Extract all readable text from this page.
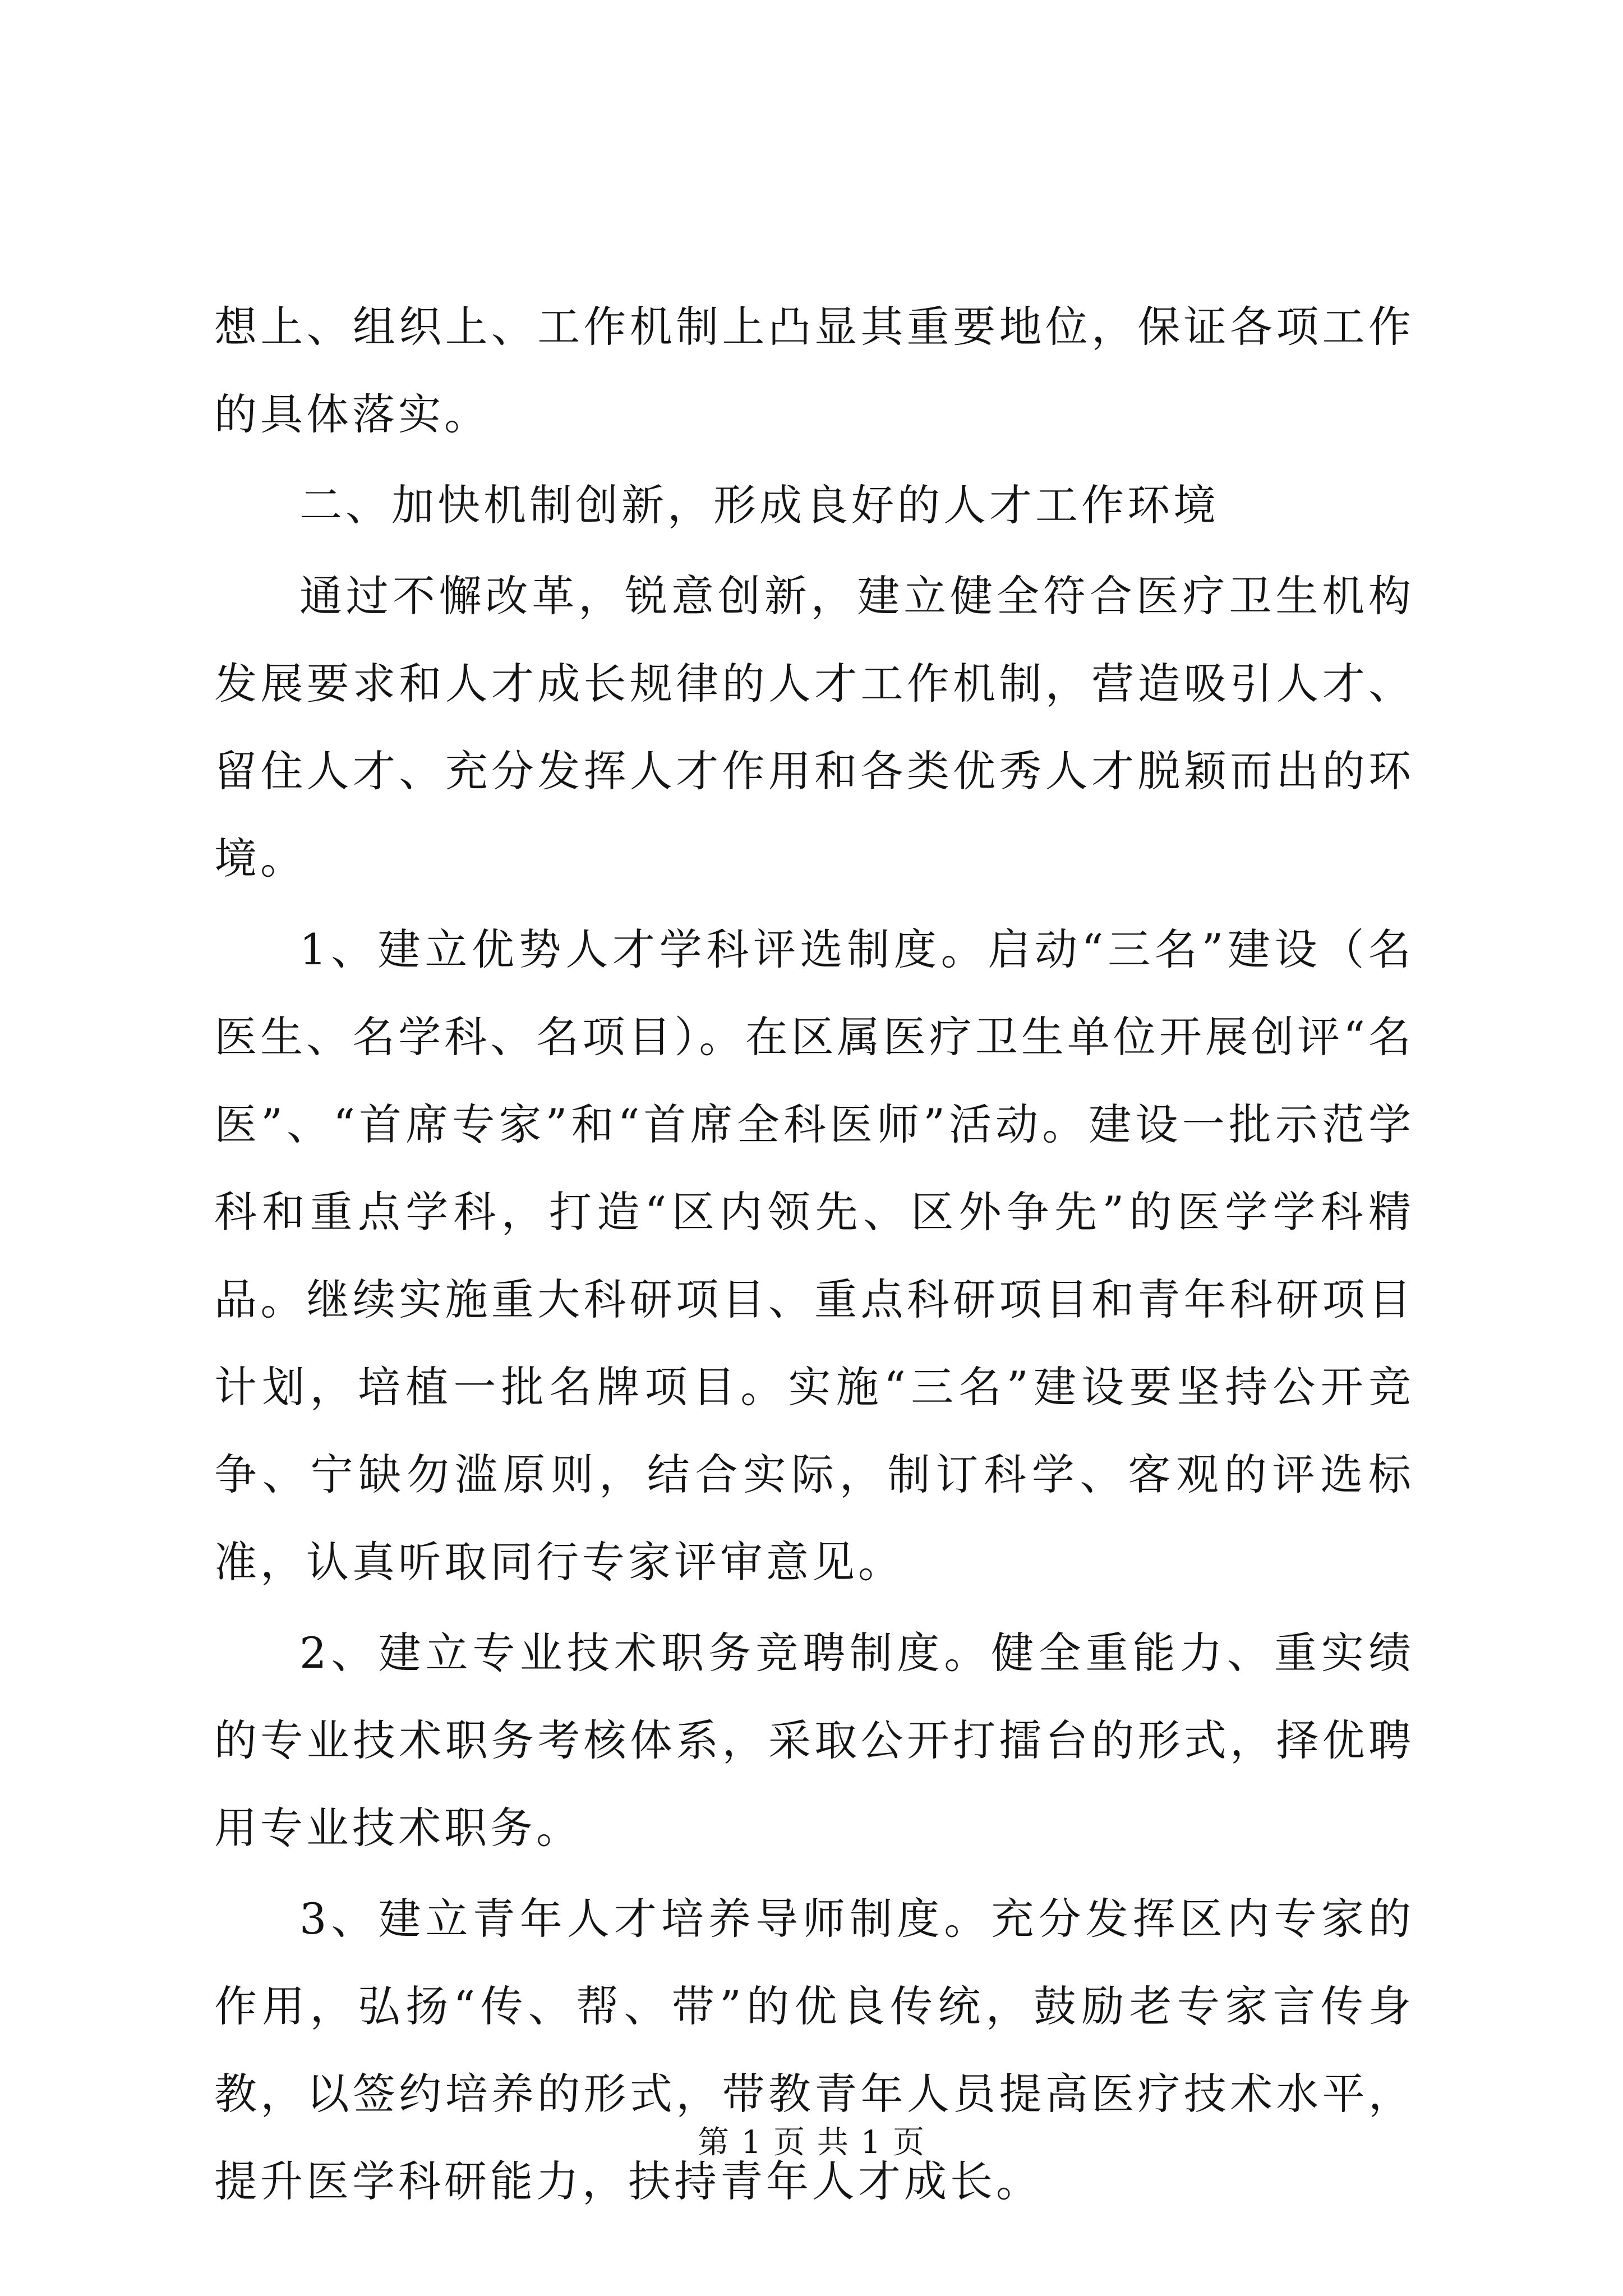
想上、组织上、工作机制上凸显其重要地位，保证各项工作的具体落实。

二、加快机制创新，形成良好的人才工作环境

通过不懈改革，锐意创新，建立健全符合医疗卫生机构发展要求和人才成长规律的人才工作机制，营造吸引人才、留住人才、充分发挥人才作用和各类优秀人才脱颖而出的环境。

1、建立优势人才学科评选制度。启动“三名”建设（名医生、名学科、名项目）。在区属医疗卫生单位开展创评“名医”、“首席专家”和“首席全科医师”活动。建设一批示范学科和重点学科，打造“区内领先、区外争先”的医学学科精品。继续实施重大科研项目、重点科研项目和青年科研项目计划，培植一批名牌项目。实施“三名”建设要坚持公开竞争、宁缺勿滥原则，结合实际，制订科学、客观的评选标准，认真听取同行专家评审意见。

2、建立专业技术职务竞聘制度。健全重能力、重实绩的专业技术职务考核体系，采取公开打擂台的形式，择优聘用专业技术职务。

3、建立青年人才培养导师制度。充分发挥区内专家的作用，弘扬“传、帮、带”的优良传统，鼓励老专家言传身教，以签约培养的形式，带教青年人员提高医疗技术水平，提升医学科研能力，扶持青年人才成长。

第 1 页 共 1 页
